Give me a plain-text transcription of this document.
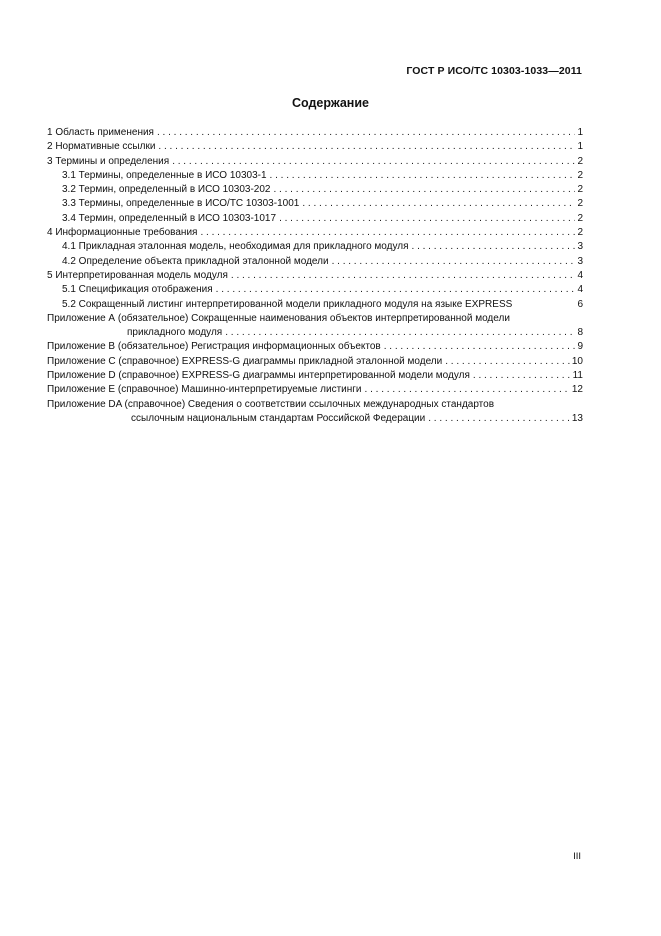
ГОСТ Р ИСО/ТС 10303-1033—2011
Содержание
1 Область применения . . .	1
2 Нормативные ссылки . . .	1
3 Термины и определения . . .	2
3.1 Термины, определенные в ИСО 10303-1 . . .	2
3.2 Термин, определенный в ИСО 10303-202 . . .	2
3.3 Термины, определенные в ИСО/ТС 10303-1001 . . .	2
3.4 Термин, определенный в ИСО 10303-1017 . . .	2
4 Информационные требования . . .	2
4.1 Прикладная эталонная модель, необходимая для прикладного модуля . . .	3
4.2 Определение объекта прикладной эталонной модели . . .	3
5 Интерпретированная модель модуля . . .	4
5.1 Спецификация отображения . . .	4
5.2 Сокращенный листинг интерпретированной модели прикладного модуля на языке EXPRESS	6
Приложение А (обязательное) Сокращенные наименования объектов интерпретированной модели
прикладного модуля . . .	8
Приложение В (обязательное) Регистрация информационных объектов . . .	9
Приложение С (справочное) EXPRESS-G диаграммы прикладной эталонной модели . . .	10
Приложение D (справочное) EXPRESS-G диаграммы интерпретированной модели модуля . . .	11
Приложение Е (справочное) Машинно-интерпретируемые листинги . . .	12
Приложение DA (справочное) Сведения о соответствии ссылочных международных стандартов
ссылочным национальным стандартам Российской Федерации . . .	13
III
